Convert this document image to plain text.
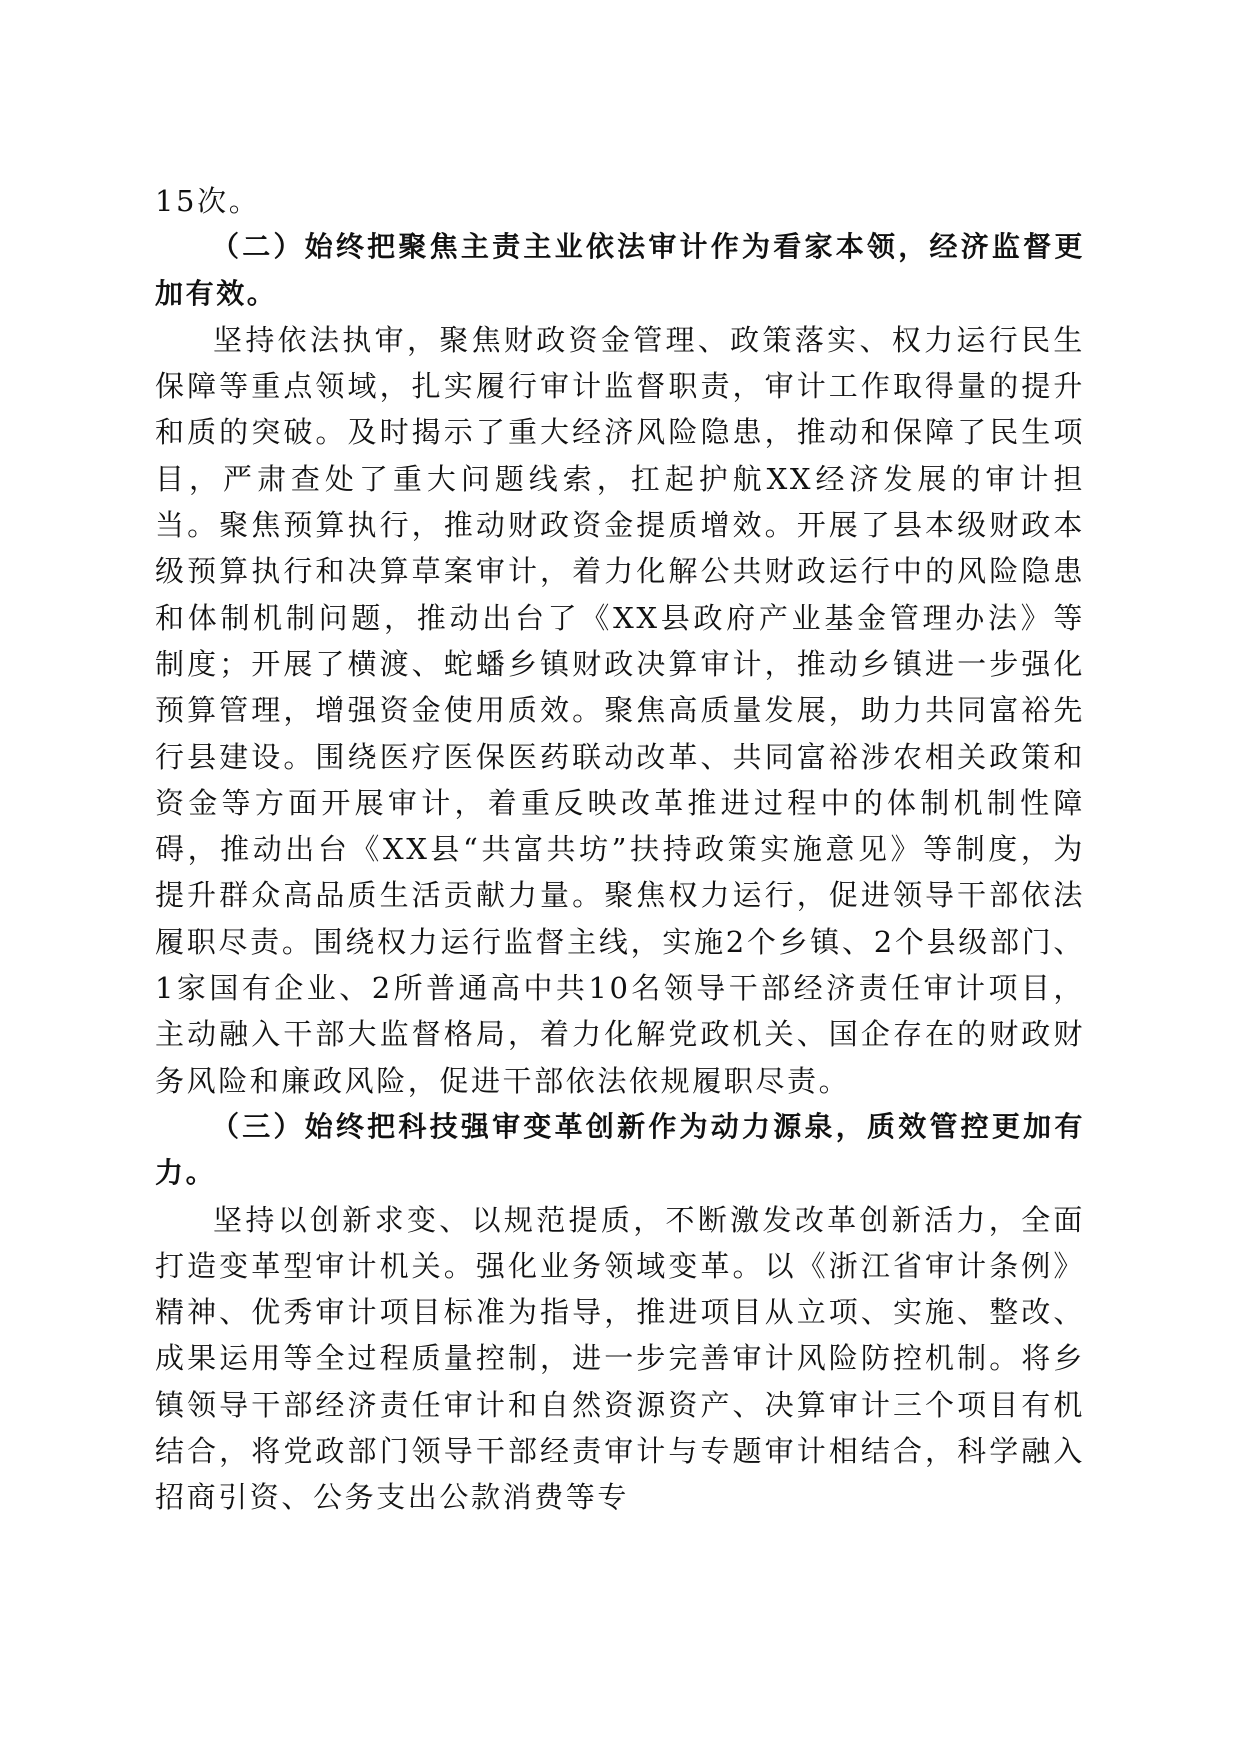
15次。

（二）始终把聚焦主责主业依法审计作为看家本领，经济监督更加有效。

坚持依法执审，聚焦财政资金管理、政策落实、权力运行民生保障等重点领域，扎实履行审计监督职责，审计工作取得量的提升和质的突破。及时揭示了重大经济风险隐患，推动和保障了民生项目，严肃查处了重大问题线索，扛起护航XX经济发展的审计担当。聚焦预算执行，推动财政资金提质增效。开展了县本级财政本级预算执行和决算草案审计，着力化解公共财政运行中的风险隐患和体制机制问题，推动出台了《XX县政府产业基金管理办法》等制度；开展了横渡、蛇蟠乡镇财政决算审计，推动乡镇进一步强化预算管理，增强资金使用质效。聚焦高质量发展，助力共同富裕先行县建设。围绕医疗医保医药联动改革、共同富裕涉农相关政策和资金等方面开展审计，着重反映改革推进过程中的体制机制性障碍，推动出台《XX县“共富共坊”扶持政策实施意见》等制度，为提升群众高品质生活贡献力量。聚焦权力运行，促进领导干部依法履职尽责。围绕权力运行监督主线，实施2个乡镇、2个县级部门、1家国有企业、2所普通高中共10名领导干部经济责任审计项目，主动融入干部大监督格局，着力化解党政机关、国企存在的财政财务风险和廉政风险，促进干部依法依规履职尽责。

（三）始终把科技强审变革创新作为动力源泉，质效管控更加有力。

坚持以创新求变、以规范提质，不断激发改革创新活力，全面打造变革型审计机关。强化业务领域变革。以《浙江省审计条例》精神、优秀审计项目标准为指导，推进项目从立项、实施、整改、成果运用等全过程质量控制，进一步完善审计风险防控机制。将乡镇领导干部经济责任审计和自然资源资产、决算审计三个项目有机结合，将党政部门领导干部经责审计与专题审计相结合，科学融入招商引资、公务支出公款消费等专
